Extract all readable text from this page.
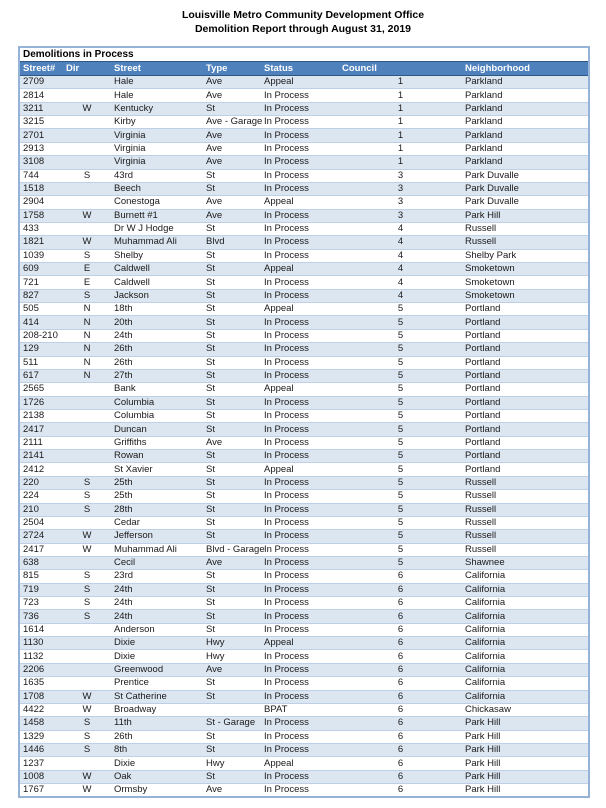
Louisville Metro Community Development Office
Demolition Report through August 31, 2019
Demolitions in Process						
Street#	Dir	Street	Type	Status	Council	Neighborhood
2709		Hale	Ave	Appeal	1	Parkland
2814		Hale	Ave	In Process	1	Parkland
3211	W	Kentucky	St	In Process	1	Parkland
3215		Kirby	Ave - Garage	In Process	1	Parkland
2701		Virginia	Ave	In Process	1	Parkland
2913		Virginia	Ave	In Process	1	Parkland
3108		Virginia	Ave	In Process	1	Parkland
744	S	43rd	St	In Process	3	Park Duvalle
1518		Beech	St	In Process	3	Park Duvalle
2904		Conestoga	Ave	Appeal	3	Park Duvalle
1758	W	Burnett #1	Ave	In Process	3	Park Hill
433		Dr W J Hodge	St	In Process	4	Russell
1821	W	Muhammad Ali	Blvd	In Process	4	Russell
1039	S	Shelby	St	In Process	4	Shelby Park
609	E	Caldwell	St	Appeal	4	Smoketown
721	E	Caldwell	St	In Process	4	Smoketown
827	S	Jackson	St	In Process	4	Smoketown
505	N	18th	St	Appeal	5	Portland
414	N	20th	St	In Process	5	Portland
208-210	N	24th	St	In Process	5	Portland
129	N	26th	St	In Process	5	Portland
511	N	26th	St	In Process	5	Portland
617	N	27th	St	In Process	5	Portland
2565		Bank	St	Appeal	5	Portland
1726		Columbia	St	In Process	5	Portland
2138		Columbia	St	In Process	5	Portland
2417		Duncan	St	In Process	5	Portland
2111		Griffiths	Ave	In Process	5	Portland
2141		Rowan	St	In Process	5	Portland
2412		St Xavier	St	Appeal	5	Portland
220	S	25th	St	In Process	5	Russell
224	S	25th	St	In Process	5	Russell
210	S	28th	St	In Process	5	Russell
2504		Cedar	St	In Process	5	Russell
2724	W	Jefferson	St	In Process	5	Russell
2417	W	Muhammad Ali	Blvd - Garage	In Process	5	Russell
638		Cecil	Ave	In Process	5	Shawnee
815	S	23rd	St	In Process	6	California
719	S	24th	St	In Process	6	California
723	S	24th	St	In Process	6	California
736	S	24th	St	In Process	6	California
1614		Anderson	St	In Process	6	California
1130		Dixie	Hwy	Appeal	6	California
1132		Dixie	Hwy	In Process	6	California
2206		Greenwood	Ave	In Process	6	California
1635		Prentice	St	In Process	6	California
1708	W	St Catherine	St	In Process	6	California
4422	W	Broadway		BPAT	6	Chickasaw
1458	S	11th	St - Garage	In Process	6	Park Hill
1329	S	26th	St	In Process	6	Park Hill
1446	S	8th	St	In Process	6	Park Hill
1237		Dixie	Hwy	Appeal	6	Park Hill
1008	W	Oak	St	In Process	6	Park Hill
1767	W	Ormsby	Ave	In Process	6	Park Hill
